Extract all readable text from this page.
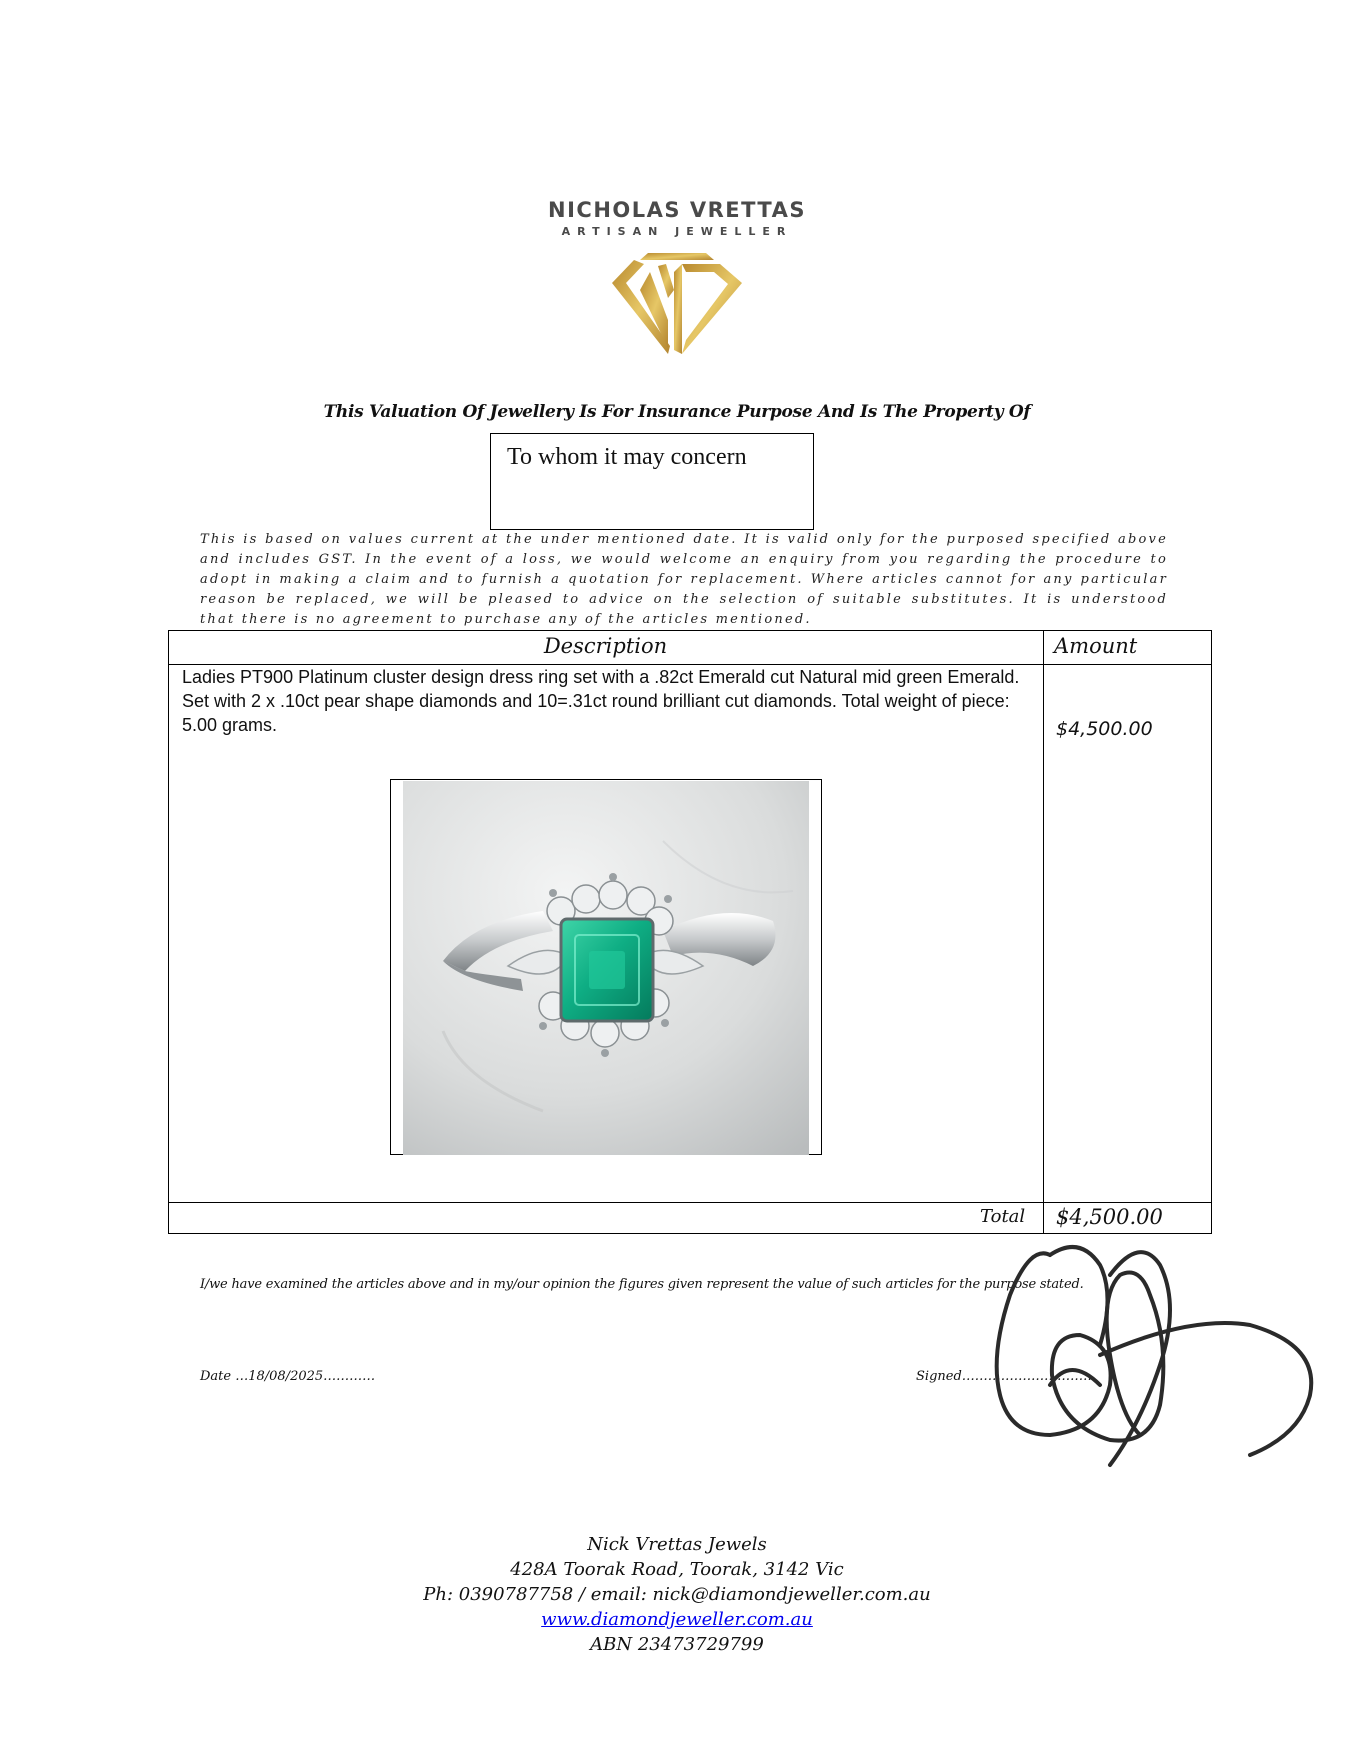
NICHOLAS VRETTAS
ARTISAN JEWELLER
This Valuation Of Jewellery Is For Insurance Purpose And Is The Property Of
To whom it may concern
This is based on values current at the under mentioned date. It is valid only for the purposed specified above and includes GST. In the event of a loss, we would welcome an enquiry from you regarding the procedure to adopt in making a claim and to furnish a quotation for replacement. Where articles cannot for any particular reason be replaced, we will be pleased to advice on the selection of suitable substitutes. It is understood that there is no agreement to purchase any of the articles mentioned.
Description	Amount
Ladies PT900 Platinum cluster design dress ring set with a .82ct Emerald cut Natural mid green Emerald. Set with 2 x .10ct pear shape diamonds and 10=.31ct round brilliant cut diamonds. Total weight of piece: 5.00 grams.	$4,500.00
Total $4,500.00
I/we have examined the articles above and in my/our opinion the figures given represent the value of such articles for the purpose stated.
Date …18/08/2025…………	Signed…………………………
Nick Vrettas Jewels
428A Toorak Road, Toorak, 3142 Vic
Ph: 0390787758 / email: nick@diamondjeweller.com.au
www.diamondjeweller.com.au
ABN 23473729799
